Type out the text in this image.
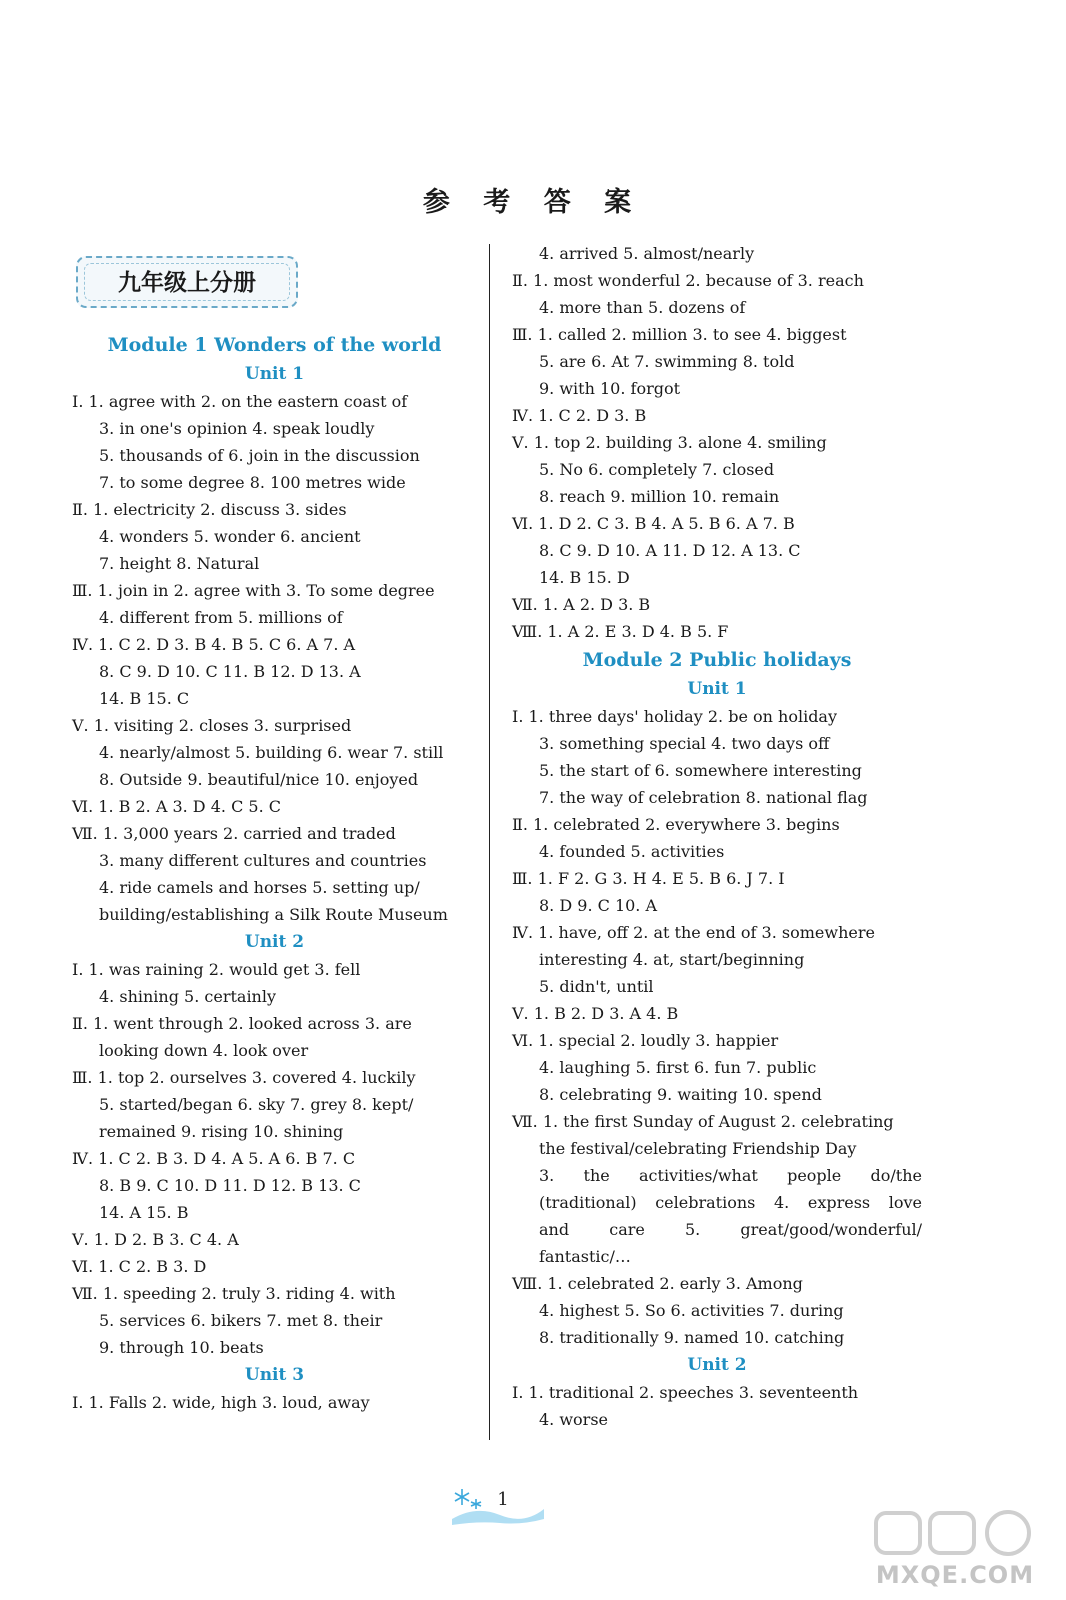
参 考 答 案
九年级上分册
Module 1 Wonders of the world
Unit 1
Ⅰ. 1. agree with 2. on the eastern coast of
3. in one's opinion 4. speak loudly
5. thousands of 6. join in the discussion
7. to some degree 8. 100 metres wide
Ⅱ. 1. electricity 2. discuss 3. sides
4. wonders 5. wonder 6. ancient
7. height 8. Natural
Ⅲ. 1. join in 2. agree with 3. To some degree
4. different from 5. millions of
Ⅳ. 1. C 2. D 3. B 4. B 5. C 6. A 7. A
8. C 9. D 10. C 11. B 12. D 13. A
14. B 15. C
Ⅴ. 1. visiting 2. closes 3. surprised
4. nearly/almost 5. building 6. wear 7. still
8. Outside 9. beautiful/nice 10. enjoyed
Ⅵ. 1. B 2. A 3. D 4. C 5. C
Ⅶ. 1. 3,000 years 2. carried and traded
3. many different cultures and countries
4. ride camels and horses 5. setting up/
building/establishing a Silk Route Museum
Unit 2
Ⅰ. 1. was raining 2. would get 3. fell
4. shining 5. certainly
Ⅱ. 1. went through 2. looked across 3. are
looking down 4. look over
Ⅲ. 1. top 2. ourselves 3. covered 4. luckily
5. started/began 6. sky 7. grey 8. kept/
remained 9. rising 10. shining
Ⅳ. 1. C 2. B 3. D 4. A 5. A 6. B 7. C
8. B 9. C 10. D 11. D 12. B 13. C
14. A 15. B
Ⅴ. 1. D 2. B 3. C 4. A
Ⅵ. 1. C 2. B 3. D
Ⅶ. 1. speeding 2. truly 3. riding 4. with
5. services 6. bikers 7. met 8. their
9. through 10. beats
Unit 3
Ⅰ. 1. Falls 2. wide, high 3. loud, away
4. arrived 5. almost/nearly
Ⅱ. 1. most wonderful 2. because of 3. reach
4. more than 5. dozens of
Ⅲ. 1. called 2. million 3. to see 4. biggest
5. are 6. At 7. swimming 8. told
9. with 10. forgot
Ⅳ. 1. C 2. D 3. B
Ⅴ. 1. top 2. building 3. alone 4. smiling
5. No 6. completely 7. closed
8. reach 9. million 10. remain
Ⅵ. 1. D 2. C 3. B 4. A 5. B 6. A 7. B
8. C 9. D 10. A 11. D 12. A 13. C
14. B 15. D
Ⅶ. 1. A 2. D 3. B
Ⅷ. 1. A 2. E 3. D 4. B 5. F
Module 2 Public holidays
Unit 1
Ⅰ. 1. three days' holiday 2. be on holiday
3. something special 4. two days off
5. the start of 6. somewhere interesting
7. the way of celebration 8. national flag
Ⅱ. 1. celebrated 2. everywhere 3. begins
4. founded 5. activities
Ⅲ. 1. F 2. G 3. H 4. E 5. B 6. J 7. I
8. D 9. C 10. A
Ⅳ. 1. have, off 2. at the end of 3. somewhere
interesting 4. at, start/beginning
5. didn't, until
Ⅴ. 1. B 2. D 3. A 4. B
Ⅵ. 1. special 2. loudly 3. happier
4. laughing 5. first 6. fun 7. public
8. celebrating 9. waiting 10. spend
Ⅶ. 1. the first Sunday of August 2. celebrating
the festival/celebrating Friendship Day
3. the activities/what people do/the
(traditional) celebrations 4. express love
and care 5. great/good/wonderful/
fantastic/…
Ⅷ. 1. celebrated 2. early 3. Among
4. highest 5. So 6. activities 7. during
8. traditionally 9. named 10. catching
Unit 2
Ⅰ. 1. traditional 2. speeches 3. seventeenth
4. worse
1
MXQE.COM
